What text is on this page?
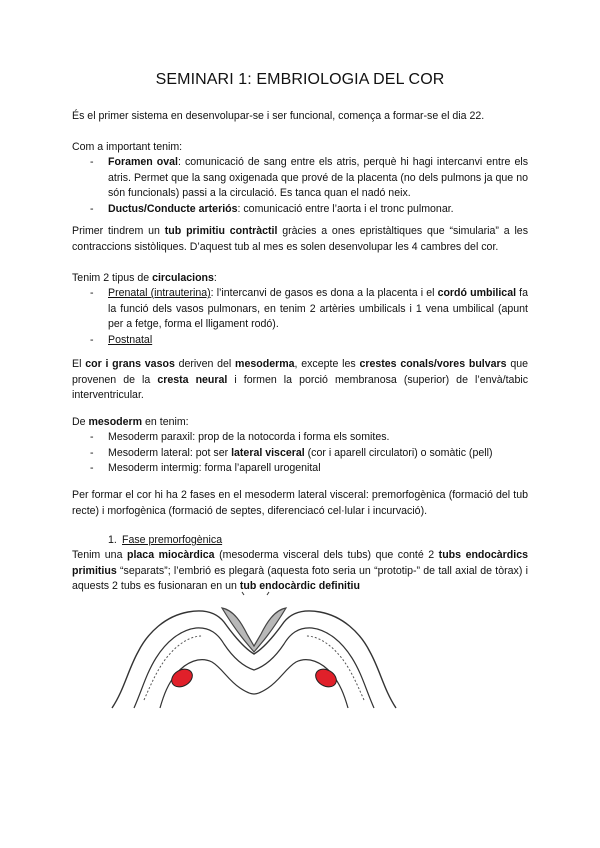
SEMINARI 1: EMBRIOLOGIA DEL COR

És el primer sistema en desenvolupar-se i ser funcional, comença a formar-se el dia 22.

Com a important tenim:

- Foramen oval: comunicació de sang entre els atris, perquè hi hagi intercanvi entre els atris. Permet que la sang oxigenada que prové de la placenta (no dels pulmons ja que no són funcionals) passi a la circulació. Es tanca quan el nadó neix.
- Ductus/Conducte arteriós: comunicació entre l’aorta i el tronc pulmonar.

Primer tindrem un tub primitiu contràctil gràcies a ones epristàltiques que “simularia” a les contraccions sistòliques. D’aquest tub al mes es solen desenvolupar les 4 cambres del cor.

Tenim 2 tipus de circulacions:

- Prenatal (intrauterina): l’intercanvi de gasos es dona a la placenta i el cordó umbilical fa la funció dels vasos pulmonars, en tenim 2 artèries umbilicals i 1 vena umbilical (apunt per a fetge, forma el lligament rodó).
- Postnatal

El cor i grans vasos deriven del mesoderma, excepte les crestes conals/vores bulvars que provenen de la cresta neural i formen la porció membranosa (superior) de l’envà/tabic interventricular.

De mesoderm en tenim:

- Mesoderm paraxil: prop de la notocorda i forma els somites.
- Mesoderm lateral: pot ser lateral visceral (cor i aparell circulatori) o somàtic (pell)
- Mesoderm intermig: forma l’aparell urogenital

Per formar el cor hi ha 2 fases en el mesoderm lateral visceral: premorfogènica (formació del tub recte) i morfogènica (formació de septes, diferenciacó cel·lular i incurvació).

1. Fase premorfogènica

Tenim una placa miocàrdica (mesoderma visceral dels tubs) que conté 2 tubs endocàrdics primitius “separats”; l’embrió es plegarà (aquesta foto seria un “prototip-” de tall axial de tòrax) i aquests 2 tubs es fusionaran en un tub endocàrdic definitiu
